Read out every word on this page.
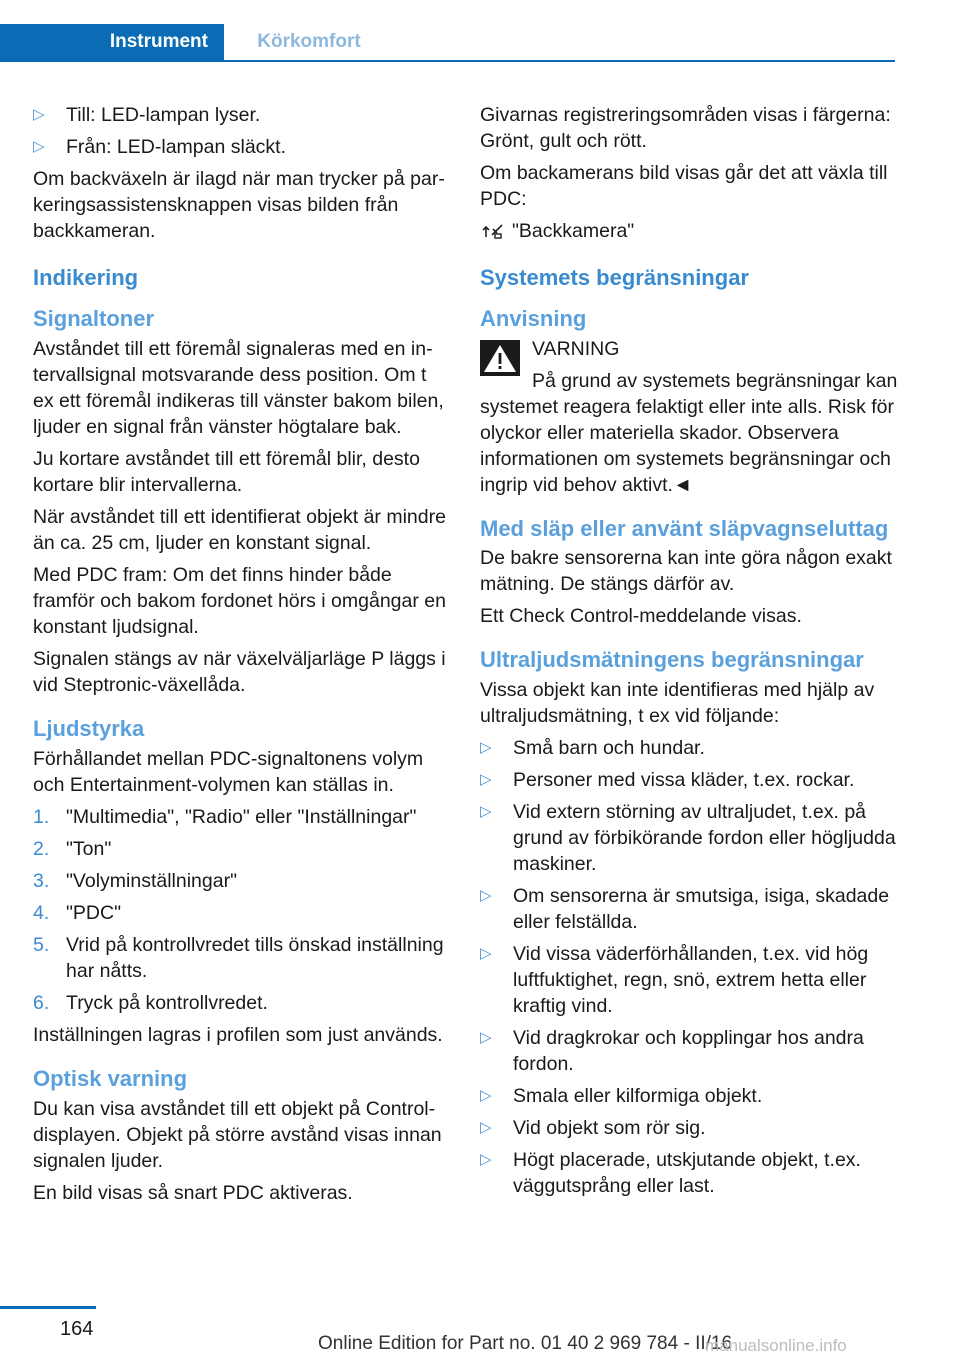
Instrument	Körkomfort
▷ Till: LED-lampan lyser.
▷ Från: LED-lampan släckt.

Om backväxeln är ilagd när man trycker på parkeringsassistensknappen visas bilden från backkameran.

Indikering
Signaltoner

Avståndet till ett föremål signaleras med en intervallsignal motsvarande dess position. Om t ex ett föremål indikeras till vänster bakom bilen, ljuder en signal från vänster högtalare bak.

Ju kortare avståndet till ett föremål blir, desto kortare blir intervallerna.

När avståndet till ett identifierat objekt är mindre än ca. 25 cm, ljuder en konstant signal.

Med PDC fram: Om det finns hinder både framför och bakom fordonet hörs i omgångar en konstant ljudsignal.

Signalen stängs av när växelväljarläge P läggs i vid Steptronic-växellåda.

Ljudstyrka

Förhållandet mellan PDC-signaltonens volym och Entertainment-volymen kan ställas in.

1. "Multimedia", "Radio" eller "Inställningar"
2. "Ton"
3. "Volyminställningar"
4. "PDC"
5. Vrid på kontrollvredet tills önskad inställning har nåtts.
6. Tryck på kontrollvredet.

Inställningen lagras i profilen som just används.

Optisk varning

Du kan visa avståndet till ett objekt på Control-displayen. Objekt på större avstånd visas innan signalen ljuder.

En bild visas så snart PDC aktiveras.

Givarnas registreringsområden visas i färgerna: Grönt, gult och rött.

Om backamerans bild visas går det att växla till PDC:

"Backkamera"
Systemets begränsningar
Anvisning
VARNING

På grund av systemets begränsningar kan systemet reagera felaktigt eller inte alls. Risk för olyckor eller materiella skador. Observera informationen om systemets begränsningar och ingrip vid behov aktivt.◄

Med släp eller använt släpvagnseluttag

De bakre sensorerna kan inte göra någon exakt mätning. De stängs därför av.

Ett Check Control-meddelande visas.

Ultraljudsmätningens begränsningar

Vissa objekt kan inte identifieras med hjälp av ultraljudsmätning, t ex vid följande:

▷ Små barn och hundar.
▷ Personer med vissa kläder, t.ex. rockar.
▷ Vid extern störning av ultraljudet, t.ex. på grund av förbikörande fordon eller högljudda maskiner.
▷ Om sensorerna är smutsiga, isiga, skadade eller felställda.
▷ Vid vissa väderförhållanden, t.ex. vid hög luftfuktighet, regn, snö, extrem hetta eller kraftig vind.
▷ Vid dragkrokar och kopplingar hos andra fordon.
▷ Smala eller kilformiga objekt.
▷ Vid objekt som rör sig.
▷ Högt placerade, utskjutande objekt, t.ex. väggutsprång eller last.
164
Online Edition for Part no. 01 40 2 969 784 - II/16
manualsonline.info
